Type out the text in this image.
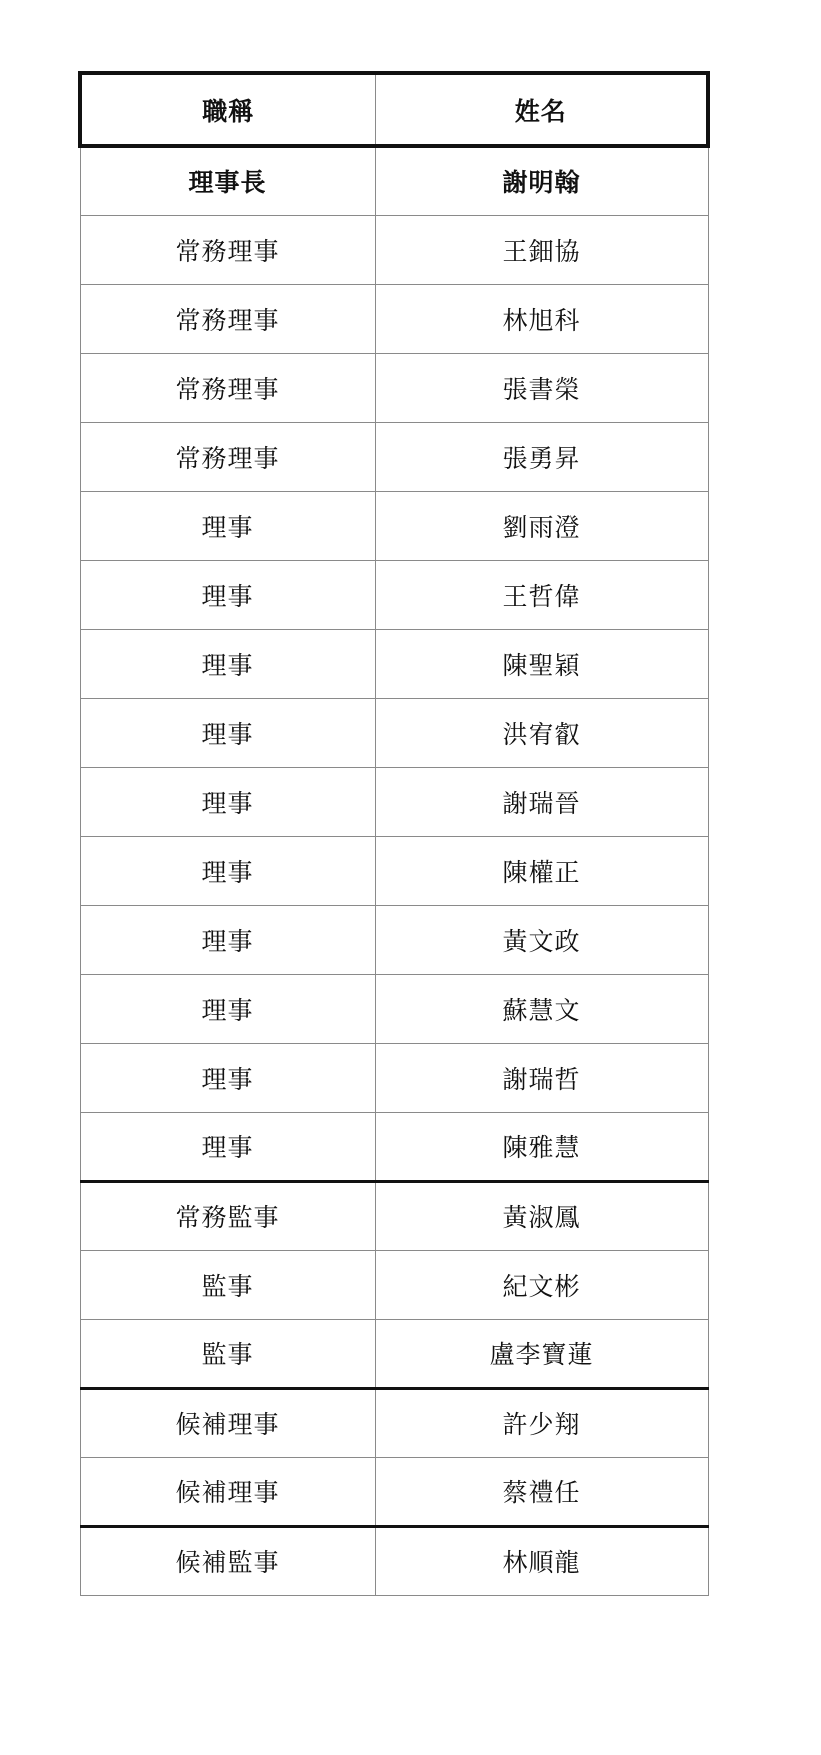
職稱	姓名
理事長	謝明翰
常務理事	王鈿協
常務理事	林旭科
常務理事	張書榮
常務理事	張勇昇
理事	劉雨澄
理事	王哲偉
理事	陳聖穎
理事	洪宥叡
理事	謝瑞晉
理事	陳權正
理事	黃文政
理事	蘇慧文
理事	謝瑞哲
理事	陳雅慧
常務監事	黃淑鳳
監事	紀文彬
監事	盧李寶蓮
候補理事	許少翔
候補理事	蔡禮任
候補監事	林順龍
